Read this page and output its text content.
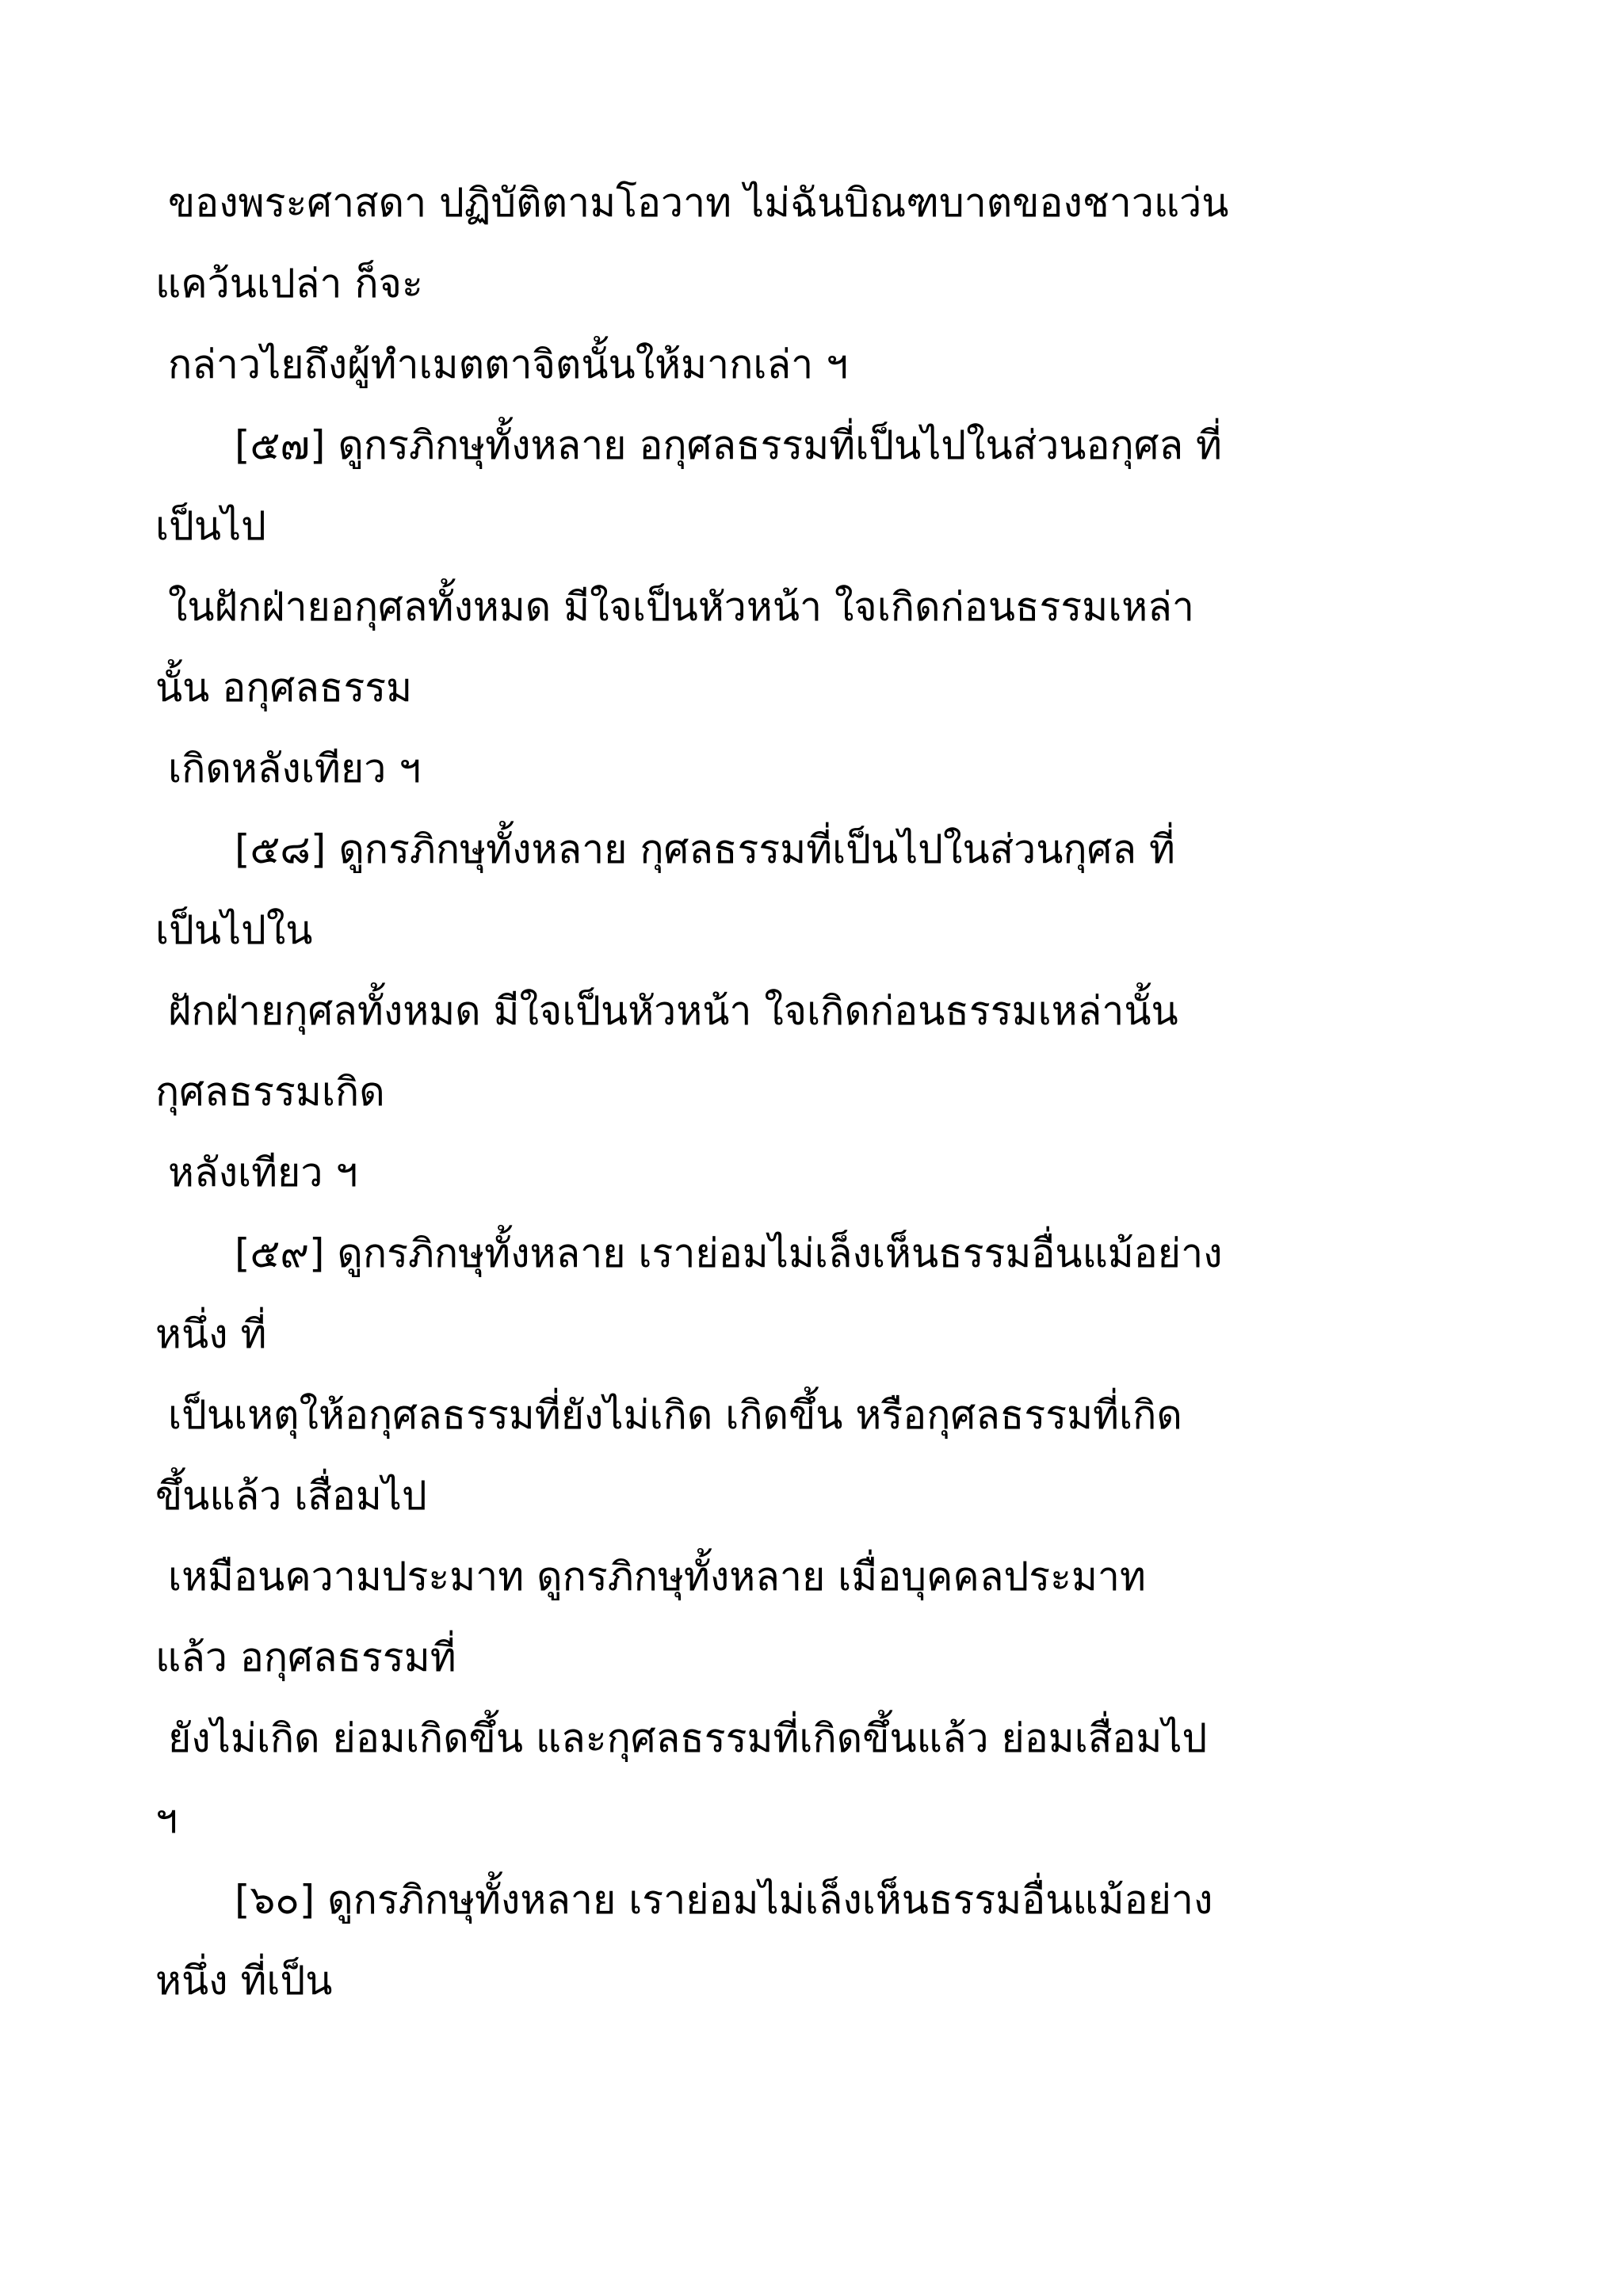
ของพระศาสดา ปฏิบัติตามโอวาท ไม่ฉันบิณฑบาตของชาวแว่น
แคว้นเปล่า ก็จะ
กล่าวไยถึงผู้ทำเมตตาจิตนั้นให้มากเล่า ฯ
[๕๗] ดูกรภิกษุทั้งหลาย อกุศลธรรมที่เป็นไปในส่วนอกุศล ที่
เป็นไป
ในฝักฝ่ายอกุศลทั้งหมด มีใจเป็นหัวหน้า ใจเกิดก่อนธรรมเหล่า
นั้น อกุศลธรรม
เกิดหลังเทียว ฯ
[๕๘] ดูกรภิกษุทั้งหลาย กุศลธรรมที่เป็นไปในส่วนกุศล ที่
เป็นไปใน
ฝักฝ่ายกุศลทั้งหมด มีใจเป็นหัวหน้า ใจเกิดก่อนธรรมเหล่านั้น
กุศลธรรมเกิด
หลังเทียว ฯ
[๕๙] ดูกรภิกษุทั้งหลาย เราย่อมไม่เล็งเห็นธรรมอื่นแม้อย่าง
หนึ่ง ที่
เป็นเหตุให้อกุศลธรรมที่ยังไม่เกิด เกิดขึ้น หรือกุศลธรรมที่เกิด
ขึ้นแล้ว เสื่อมไป
เหมือนความประมาท ดูกรภิกษุทั้งหลาย เมื่อบุคคลประมาท
แล้ว อกุศลธรรมที่
ยังไม่เกิด ย่อมเกิดขึ้น และกุศลธรรมที่เกิดขึ้นแล้ว ย่อมเสื่อมไป
ฯ
[๖๐] ดูกรภิกษุทั้งหลาย เราย่อมไม่เล็งเห็นธรรมอื่นแม้อย่าง
หนึ่ง ที่เป็น
